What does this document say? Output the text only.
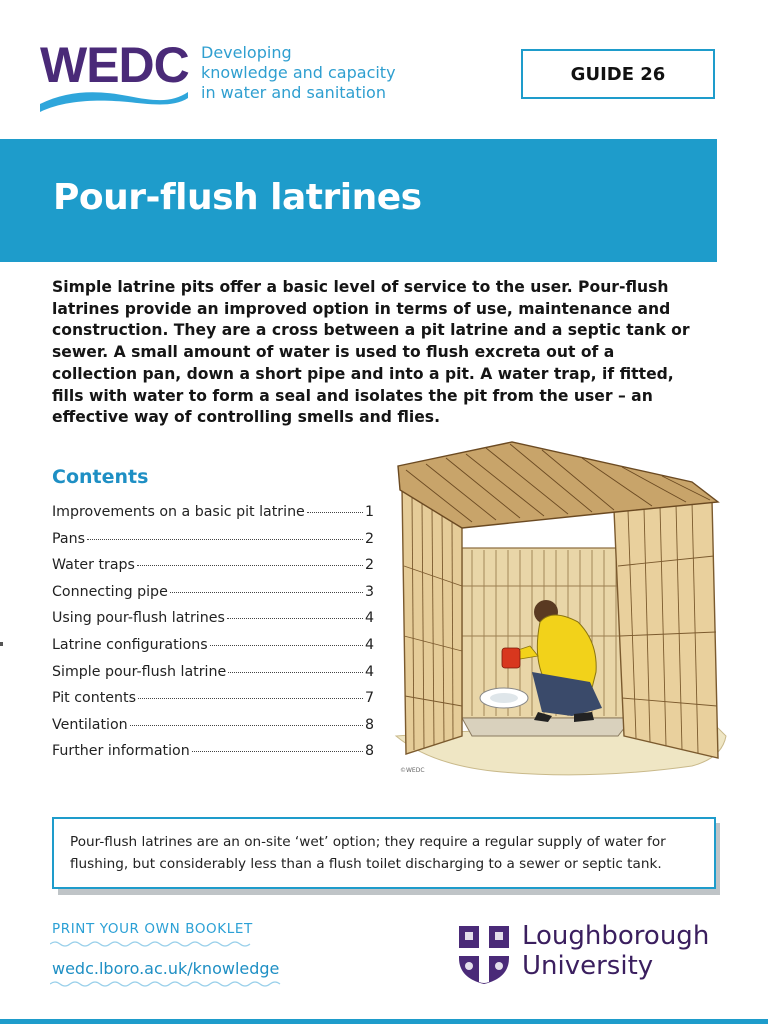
WEDC Developing
knowledge and capacity
in water and sanitation
GUIDE 26
Pour-flush latrines
Simple latrine pits offer a basic level of service to the user. Pour-flush latrines provide an improved option in terms of use, maintenance and construction. They are a cross between a pit latrine and a septic tank or sewer. A small amount of water is used to flush excreta out of a collection pan, down a short pipe and into a pit. A water trap, if fitted, fills with water to form a seal and isolates the pit from the user – an effective way of controlling smells and flies.
Contents
Improvements on a basic pit latrine	1
Pans	2
Water traps	2
Connecting pipe	3
Using pour-flush latrines	4
Latrine configurations	4
Simple pour-flush latrine	4
Pit contents	7
Ventilation	8
Further information	8
©WEDC
Pour-flush latrines are an on-site ‘wet’ option; they require a regular supply of water for flushing, but considerably less than a flush toilet discharging to a sewer or septic tank.
PRINT YOUR OWN BOOKLET
wedc.lboro.ac.uk/knowledge
Loughborough
University
